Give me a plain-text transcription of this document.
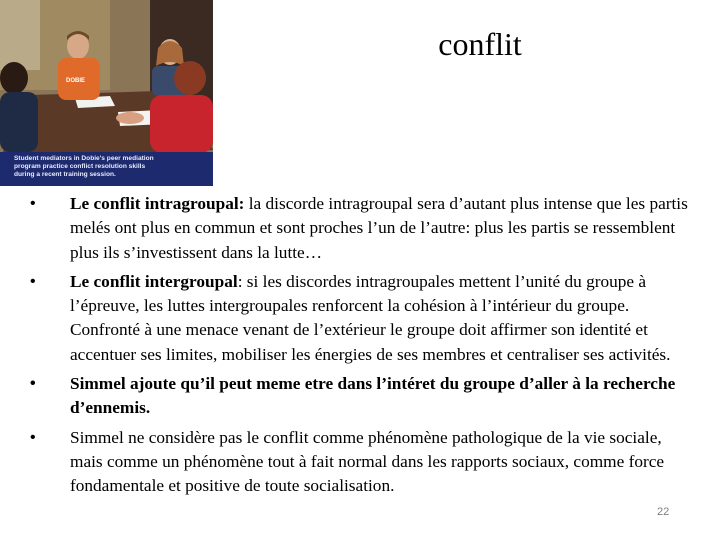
DOBIE
Student mediators in Dobie's peer mediation
program practice conflict resolution skills
during a recent training session.
conflit
•	Le conflit intragroupal: la discorde intragroupal sera d’autant plus intense que les partis melés ont plus en commun et sont proches l’un de l’autre: plus les partis se ressemblent plus ils s’investissent dans la lutte…
•	Le conflit intergroupal: si les discordes intragroupales mettent l’unité du groupe à l’épreuve, les luttes intergroupales renforcent la cohésion à l’intérieur du groupe. Confronté à une menace venant de l’extérieur le groupe doit affirmer son identité et accentuer ses limites, mobiliser les énergies de ses membres et centraliser ses activités.
•	Simmel ajoute qu’il peut meme etre dans l’intéret du groupe d’aller à la recherche d’ennemis.
•	Simmel ne considère pas le conflit comme phénomène pathologique de la vie sociale, mais comme un phénomène tout à fait normal dans les rapports sociaux, comme force fondamentale et positive de toute socialisation.
22
